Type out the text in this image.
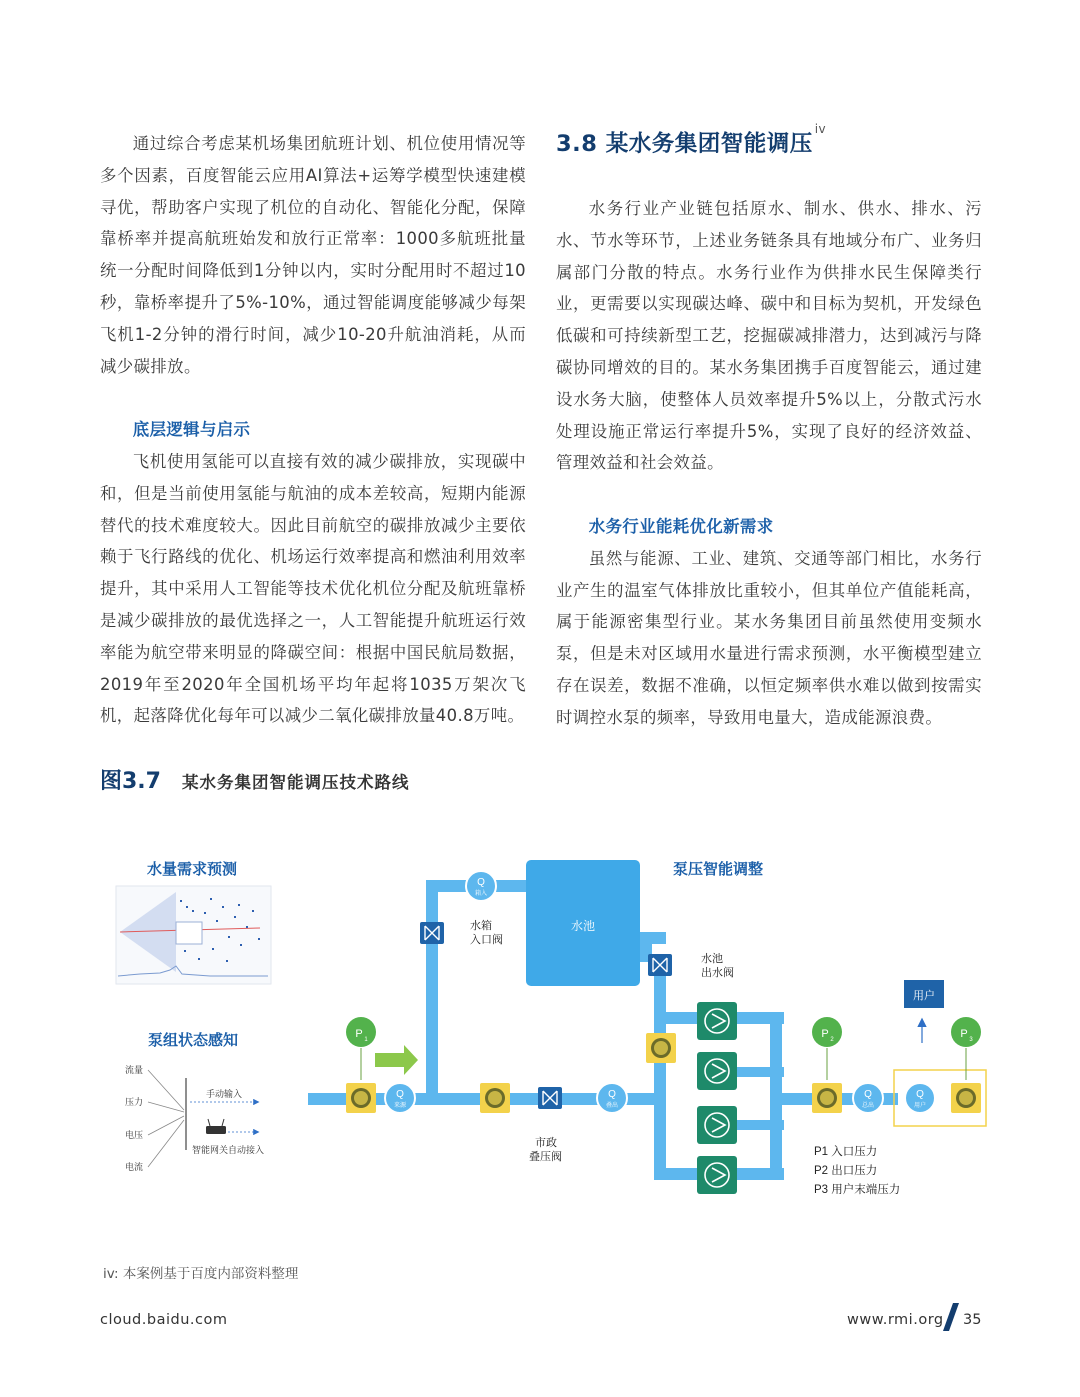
通过综合考虑某机场集团航班计划、机位使用情况等多个因素，百度智能云应用AI算法+运筹学模型快速建模寻优，帮助客户实现了机位的自动化、智能化分配，保障靠桥率并提高航班始发和放行正常率：1000多航班批量统一分配时间降低到1分钟以内，实时分配用时不超过10秒，靠桥率提升了5%-10%，通过智能调度能够减少每架飞机1-2分钟的滑行时间，减少10-20升航油消耗，从而减少碳排放。

底层逻辑与启示

飞机使用氢能可以直接有效的减少碳排放，实现碳中和，但是当前使用氢能与航油的成本差较高，短期内能源替代的技术难度较大。因此目前航空的碳排放减少主要依赖于飞行路线的优化、机场运行效率提高和燃油利用效率提升，其中采用人工智能等技术优化机位分配及航班靠桥是减少碳排放的最优选择之一，人工智能提升航班运行效率能为航空带来明显的降碳空间：根据中国民航局数据，2019年至2020年全国机场平均年起将1035万架次飞机，起落降优化每年可以减少二氧化碳排放量40.8万吨。

3.8 某水务集团智能调压$^{iv}$

水务行业产业链包括原水、制水、供水、排水、污水、节水等环节，上述业务链条具有地域分布广、业务归属部门分散的特点。水务行业作为供排水民生保障类行业，更需要以实现碳达峰、碳中和目标为契机，开发绿色低碳和可持续新型工艺，挖掘碳减排潜力，达到减污与降碳协同增效的目的。某水务集团携手百度智能云，通过建设水务大脑，使整体人员效率提升5%以上，分散式污水处理设施正常运行率提升5%，实现了良好的经济效益、管理效益和社会效益。

水务行业能耗优化新需求

虽然与能源、工业、建筑、交通等部门相比，水务行业产生的温室气体排放比重较小，但其单位产值能耗高，属于能源密集型行业。某水务集团目前虽然使用变频水泵，但是未对区域用水量进行需求预测，水平衡模型建立存在误差，数据不准确，以恒定频率供水难以做到按需实时调控水泵的频率，导致用电量大，造成能源浪费。

图3.7 某水务集团智能调压技术路线
水量需求预测
泵组状态感知
流量
压力
电压
电流
手动输入
智能网关自动接入
水池
Q
箱入
水箱
入口阀
水池
出水阀
P 1
Q
来源
市政
叠压阀
Q
叠出
泵压智能调整
P 2
Q
总出
Q
用户
P 3
用户
P1 入口压力
P2 出口压力
P3 用户末端压力
iv: 本案例基于百度内部资料整理
cloud.baidu.com	www.rmi.org 35
